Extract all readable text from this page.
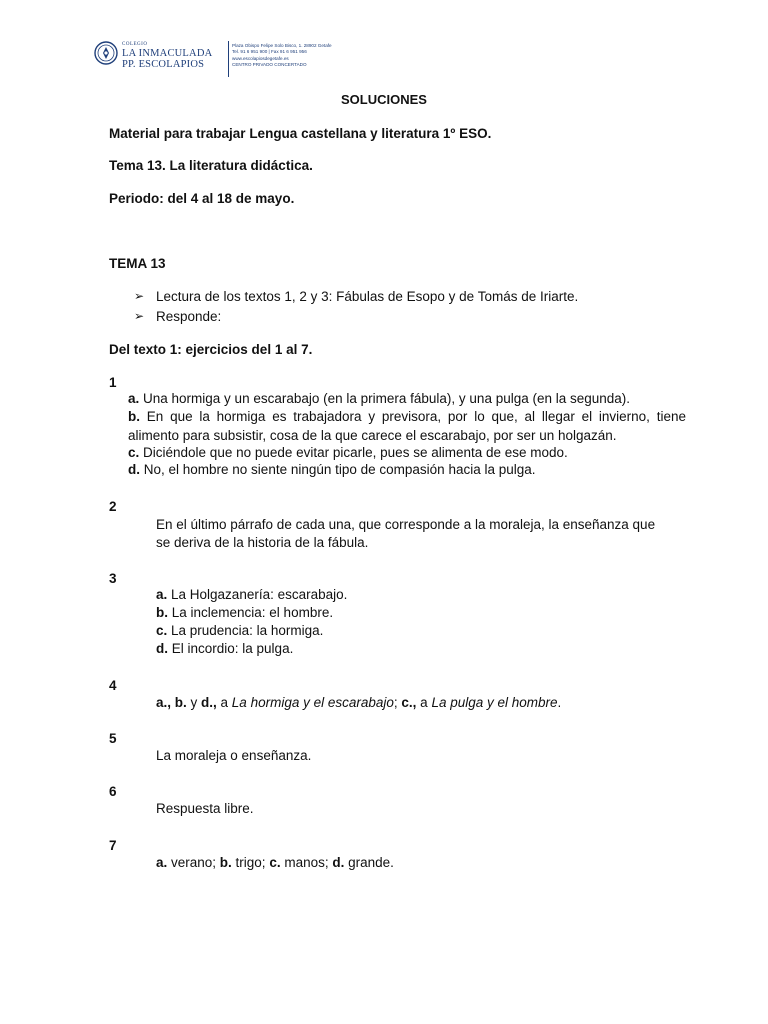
COLEGIO
LA INMACULADA
PP. ESCOLAPIOS
Plaza Obispo Felipe Solo Bisco, 1. 28902 Getafe
Tel. 91 6 951 900 | Fax 91 6 951 956
www.escolapiosdegetafe.es
CENTRO PRIVADO CONCERTADO
SOLUCIONES
Material para trabajar Lengua castellana y literatura 1º ESO.
Tema 13. La literatura didáctica.
Periodo: del 4 al 18 de mayo.
TEMA 13
➢ Lectura de los textos 1, 2 y 3: Fábulas de Esopo y de Tomás de Iriarte.
➢ Responde:
Del texto 1: ejercicios del 1 al 7.
1
a. Una hormiga y un escarabajo (en la primera fábula), y una pulga (en la segunda).
b. En que la hormiga es trabajadora y previsora, por lo que, al llegar el invierno, tiene
alimento para subsistir, cosa de la que carece el escarabajo, por ser un holgazán.
c. Diciéndole que no puede evitar picarle, pues se alimenta de ese modo.
d. No, el hombre no siente ningún tipo de compasión hacia la pulga.
2
En el último párrafo de cada una, que corresponde a la moraleja, la enseñanza que
se deriva de la historia de la fábula.
3
a. La Holgazanería: escarabajo.
b. La inclemencia: el hombre.
c. La prudencia: la hormiga.
d. El incordio: la pulga.
4
a., b. y d., a La hormiga y el escarabajo; c., a La pulga y el hombre.
5
La moraleja o enseñanza.
6
Respuesta libre.
7
a. verano; b. trigo; c. manos; d. grande.
